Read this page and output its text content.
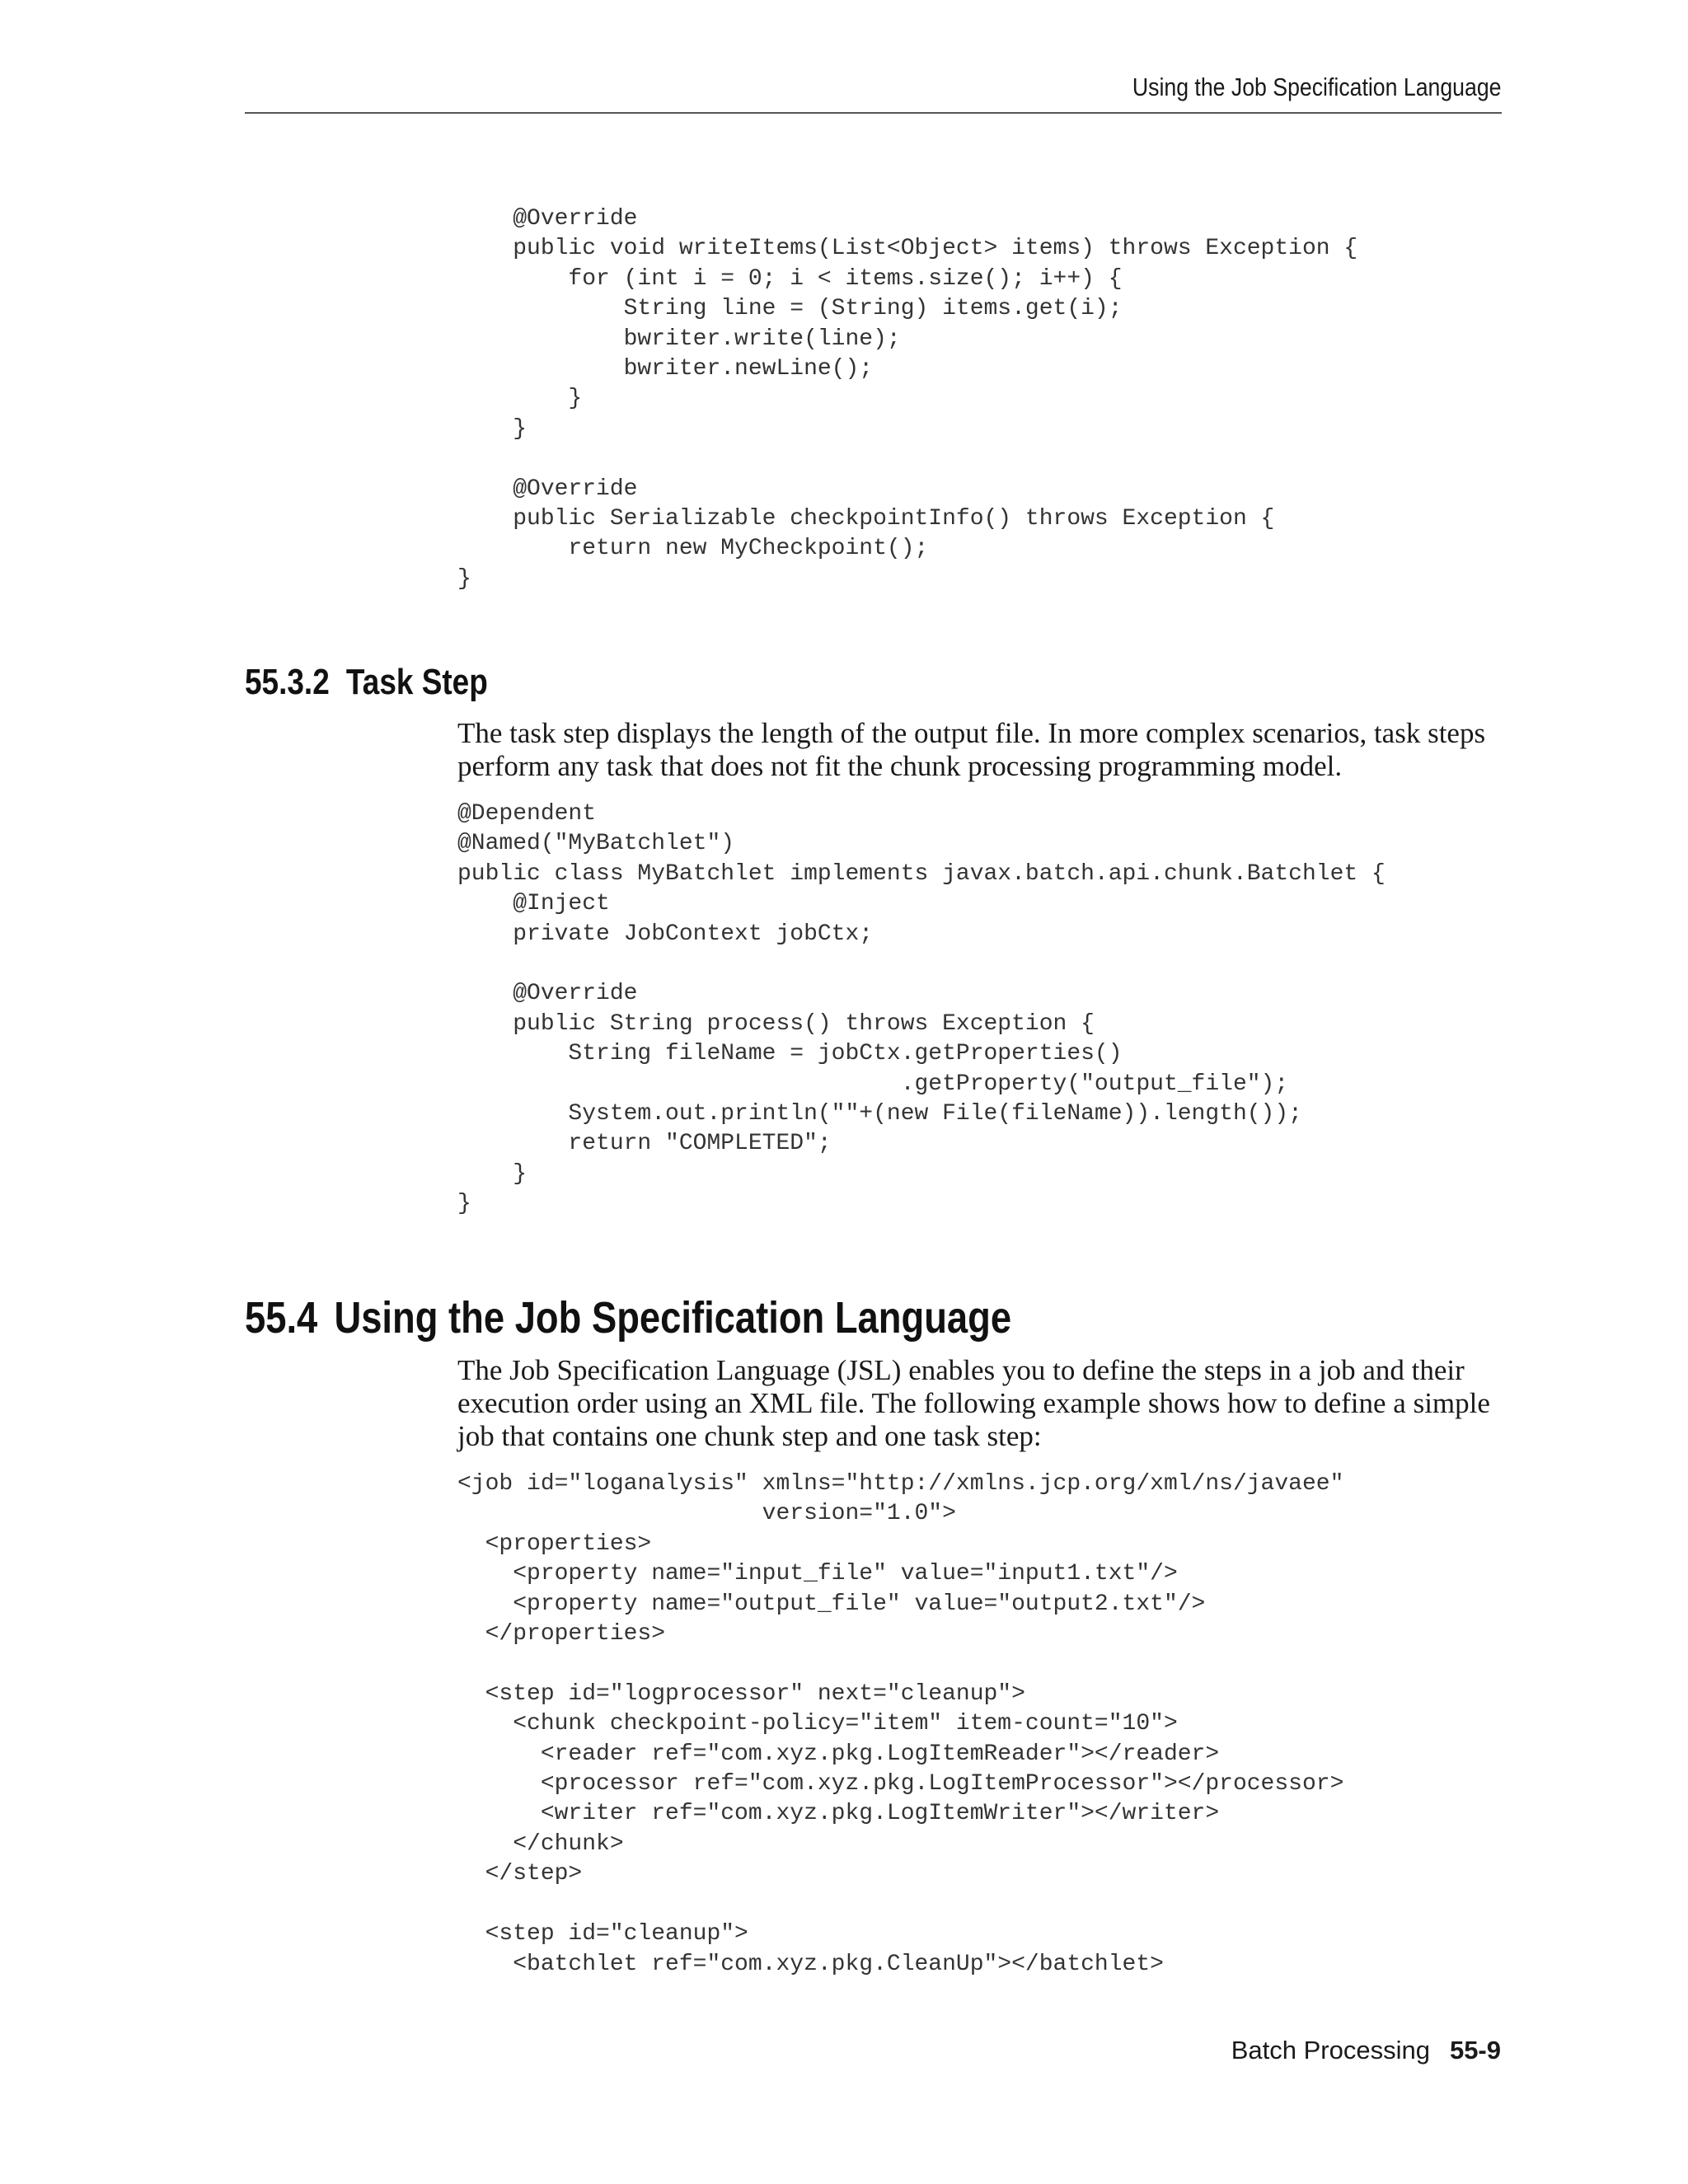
Using the Job Specification Language
@Override
public void writeItems(List<Object> items) throws Exception {
for (int i = 0; i < items.size(); i++) {
String line = (String) items.get(i);
bwriter.write(line);
bwriter.newLine();
}
}

@Override
public Serializable checkpointInfo() throws Exception {
return new MyCheckpoint();
}
55.3.2 Task Step

The task step displays the length of the output file. In more complex scenarios, task steps perform any task that does not fit the chunk processing programming model.

@Dependent
@Named("MyBatchlet")
public class MyBatchlet implements javax.batch.api.chunk.Batchlet {
@Inject
private JobContext jobCtx;

@Override
public String process() throws Exception {
String fileName = jobCtx.getProperties()
.getProperty("output_file");
System.out.println(""+(new File(fileName)).length());
return "COMPLETED";
}
}
55.4 Using the Job Specification Language

The Job Specification Language (JSL) enables you to define the steps in a job and their execution order using an XML file. The following example shows how to define a simple job that contains one chunk step and one task step:

<job id="loganalysis" xmlns="http://xmlns.jcp.org/xml/ns/javaee"
version="1.0">
<properties>
<property name="input_file" value="input1.txt"/>
<property name="output_file" value="output2.txt"/>
</properties>

<step id="logprocessor" next="cleanup">
<chunk checkpoint-policy="item" item-count="10">
<reader ref="com.xyz.pkg.LogItemReader"></reader>
<processor ref="com.xyz.pkg.LogItemProcessor"></processor>
<writer ref="com.xyz.pkg.LogItemWriter"></writer>
</chunk>
</step>

<step id="cleanup">
<batchlet ref="com.xyz.pkg.CleanUp"></batchlet>
Batch Processing 55-9
